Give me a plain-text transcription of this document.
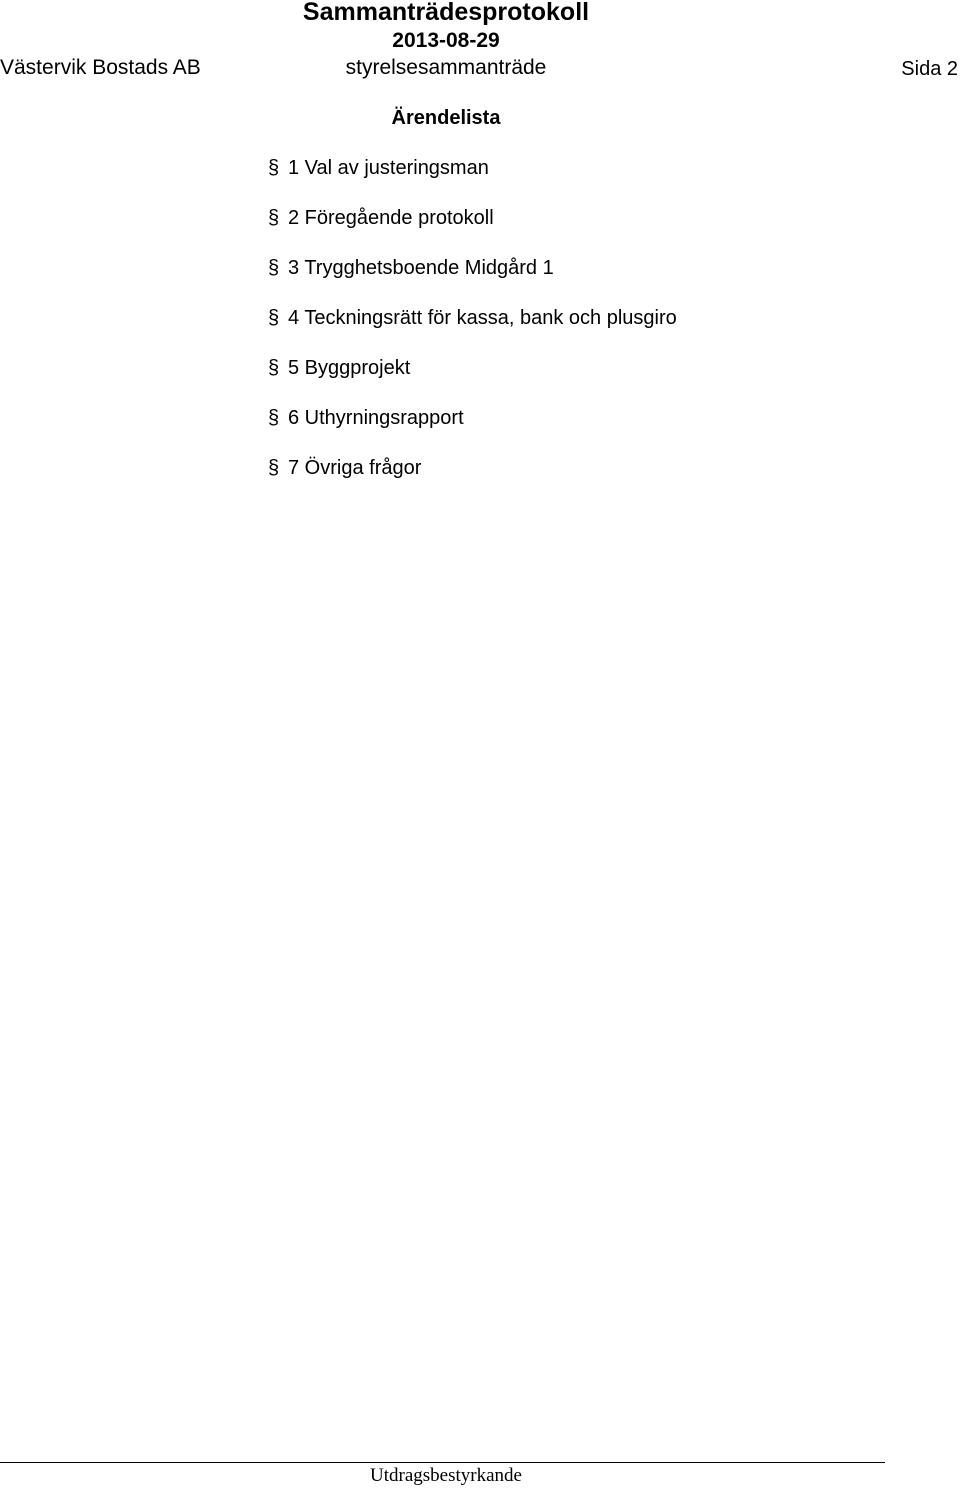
Sammanträdesprotokoll
2013-08-29
Västervik Bostads AB	styrelsesammanträde	Sida 2
Ärendelista
§ 1 Val av justeringsman
§ 2 Föregående protokoll
§ 3 Trygghetsboende Midgård 1
§ 4 Teckningsrätt för kassa, bank och plusgiro
§ 5 Byggprojekt
§ 6 Uthyrningsrapport
§ 7 Övriga frågor
Utdragsbestyrkande
